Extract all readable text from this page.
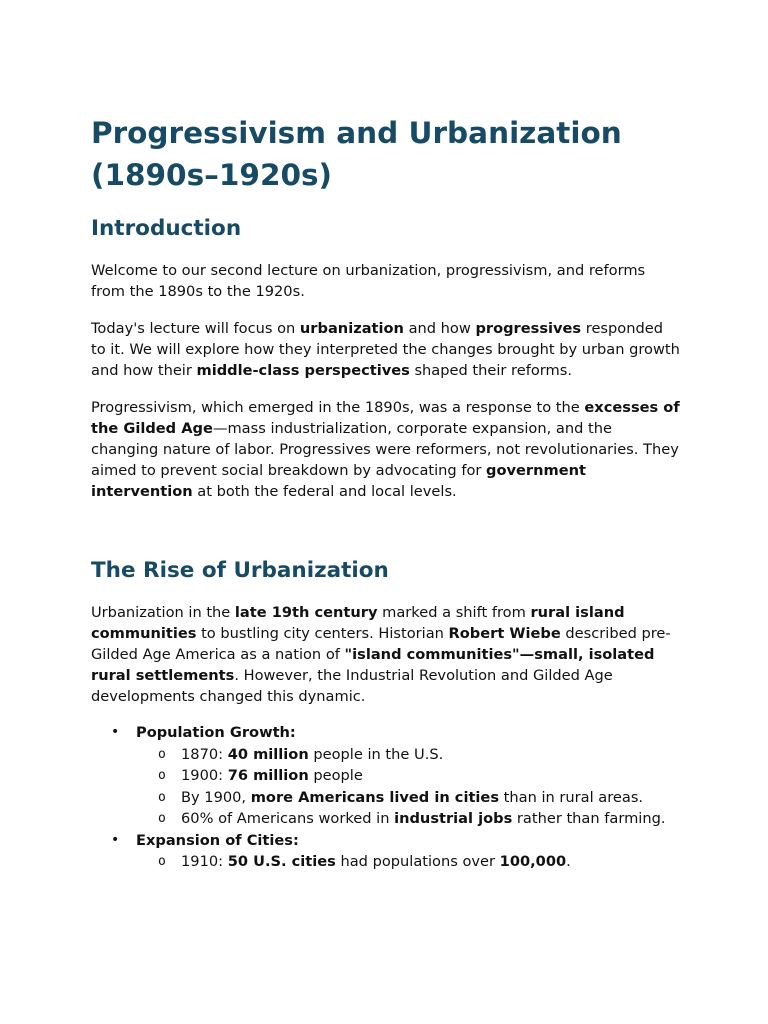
Progressivism and Urbanization (1890s–1920s)
Introduction

Welcome to our second lecture on urbanization, progressivism, and reforms from the 1890s to the 1920s.

Today's lecture will focus on urbanization and how progressives responded to it. We will explore how they interpreted the changes brought by urban growth and how their middle-class perspectives shaped their reforms.

Progressivism, which emerged in the 1890s, was a response to the excesses of the Gilded Age—mass industrialization, corporate expansion, and the changing nature of labor. Progressives were reformers, not revolutionaries. They aimed to prevent social breakdown by advocating for government intervention at both the federal and local levels.

The Rise of Urbanization

Urbanization in the late 19th century marked a shift from rural island communities to bustling city centers. Historian Robert Wiebe described pre-Gilded Age America as a nation of "island communities"—small, isolated rural settlements. However, the Industrial Revolution and Gilded Age developments changed this dynamic.

• Population Growth:
o 1870: 40 million people in the U.S.
o 1900: 76 million people
o By 1900, more Americans lived in cities than in rural areas.
o 60% of Americans worked in industrial jobs rather than farming.
• Expansion of Cities:
o 1910: 50 U.S. cities had populations over 100,000.
